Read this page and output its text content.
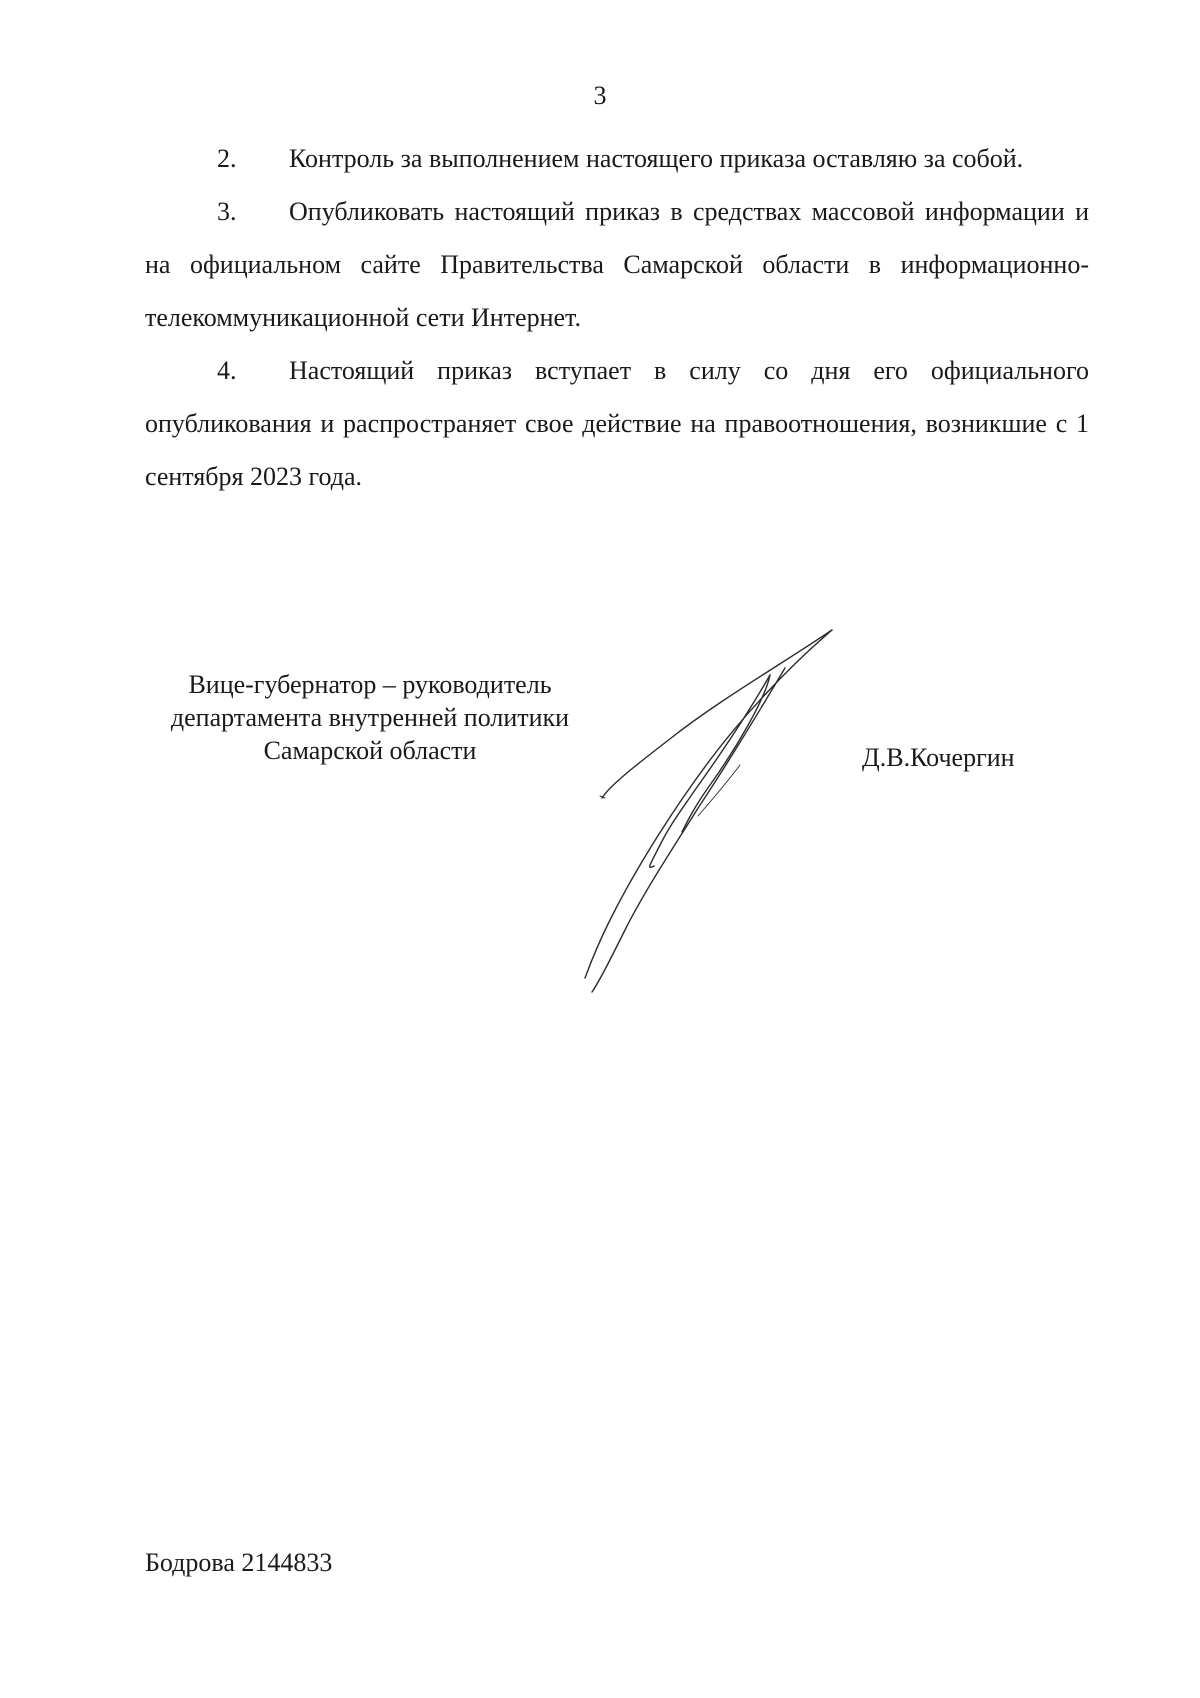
3

2. Контроль за выполнением настоящего приказа оставляю за собой.

3. Опубликовать настоящий приказ в средствах массовой информации и на официальном сайте Правительства Самарской области в информационно-телекоммуникационной сети Интернет.

4. Настоящий приказ вступает в силу со дня его официального опубликования и распространяет свое действие на правоотношения, возникшие с 1 сентября 2023 года.

Вице-губернатор – руководитель
департамента внутренней политики
Самарской области	Д.В.Кочергин
Бодрова 2144833
